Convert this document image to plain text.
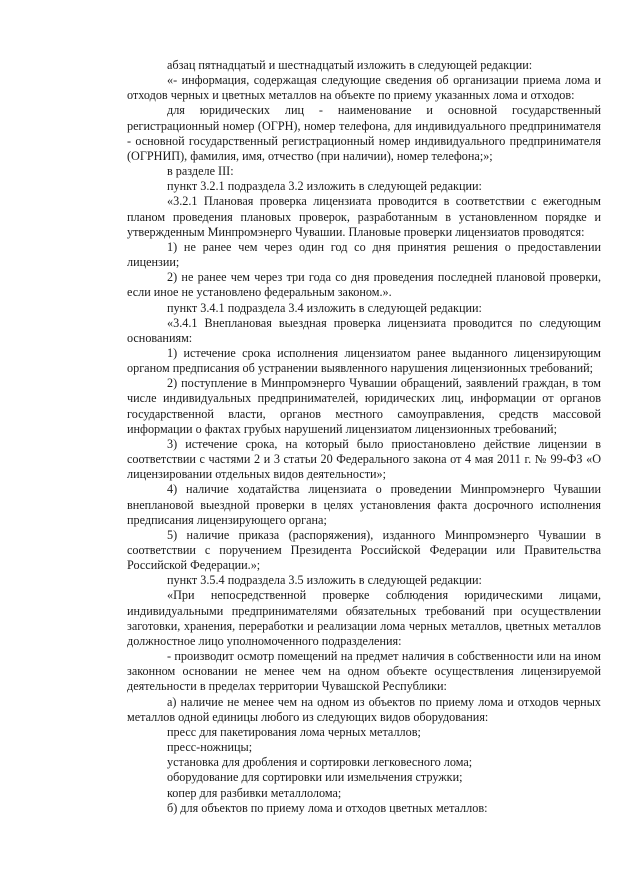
абзац пятнадцатый и шестнадцатый изложить в следующей редакции:

«- информация, содержащая следующие сведения об организации приема лома и отходов черных и цветных металлов на объекте по приему указанных лома и отходов:

для юридических лиц - наименование и основной государственный регистрационный номер (ОГРН), номер телефона, для индивидуального предпринимателя - основной государственный регистрационный номер индивидуального предпринимателя (ОГРНИП), фамилия, имя, отчество (при наличии), номер телефона;»;

в разделе III:

пункт 3.2.1 подраздела 3.2 изложить в следующей редакции:

«3.2.1 Плановая проверка лицензиата проводится в соответствии с ежегодным планом проведения плановых проверок, разработанным в установленном порядке и утвержденным Минпромэнерго Чувашии. Плановые проверки лицензиатов проводятся:

1) не ранее чем через один год со дня принятия решения о предоставлении лицензии;

2) не ранее чем через три года со дня проведения последней плановой проверки, если иное не установлено федеральным законом.».

пункт 3.4.1 подраздела 3.4 изложить в следующей редакции:

«3.4.1 Внеплановая выездная проверка лицензиата проводится по следующим основаниям:

1) истечение срока исполнения лицензиатом ранее выданного лицензирующим органом предписания об устранении выявленного нарушения лицензионных требований;

2) поступление в Минпромэнерго Чувашии обращений, заявлений граждан, в том числе индивидуальных предпринимателей, юридических лиц, информации от органов государственной власти, органов местного самоуправления, средств массовой информации о фактах грубых нарушений лицензиатом лицензионных требований;

3) истечение срока, на который было приостановлено действие лицензии в соответствии с частями 2 и 3 статьи 20 Федерального закона от 4 мая 2011 г. № 99-ФЗ «О лицензировании отдельных видов деятельности»;

4) наличие ходатайства лицензиата о проведении Минпромэнерго Чувашии внеплановой выездной проверки в целях установления факта досрочного исполнения предписания лицензирующего органа;

5) наличие приказа (распоряжения), изданного Минпромэнерго Чувашии в соответствии с поручением Президента Российской Федерации или Правительства Российской Федерации.»;

пункт 3.5.4 подраздела 3.5 изложить в следующей редакции:

«При непосредственной проверке соблюдения юридическими лицами, индивидуальными предпринимателями обязательных требований при осуществлении заготовки, хранения, переработки и реализации лома черных металлов, цветных металлов должностное лицо уполномоченного подразделения:

- производит осмотр помещений на предмет наличия в собственности или на ином законном основании не менее чем на одном объекте осуществления лицензируемой деятельности в пределах территории Чувашской Республики:

а) наличие не менее чем на одном из объектов по приему лома и отходов черных металлов одной единицы любого из следующих видов оборудования:

пресс для пакетирования лома черных металлов;

пресс-ножницы;

установка для дробления и сортировки легковесного лома;

оборудование для сортировки или измельчения стружки;

копер для разбивки металлолома;

б) для объектов по приему лома и отходов цветных металлов:
